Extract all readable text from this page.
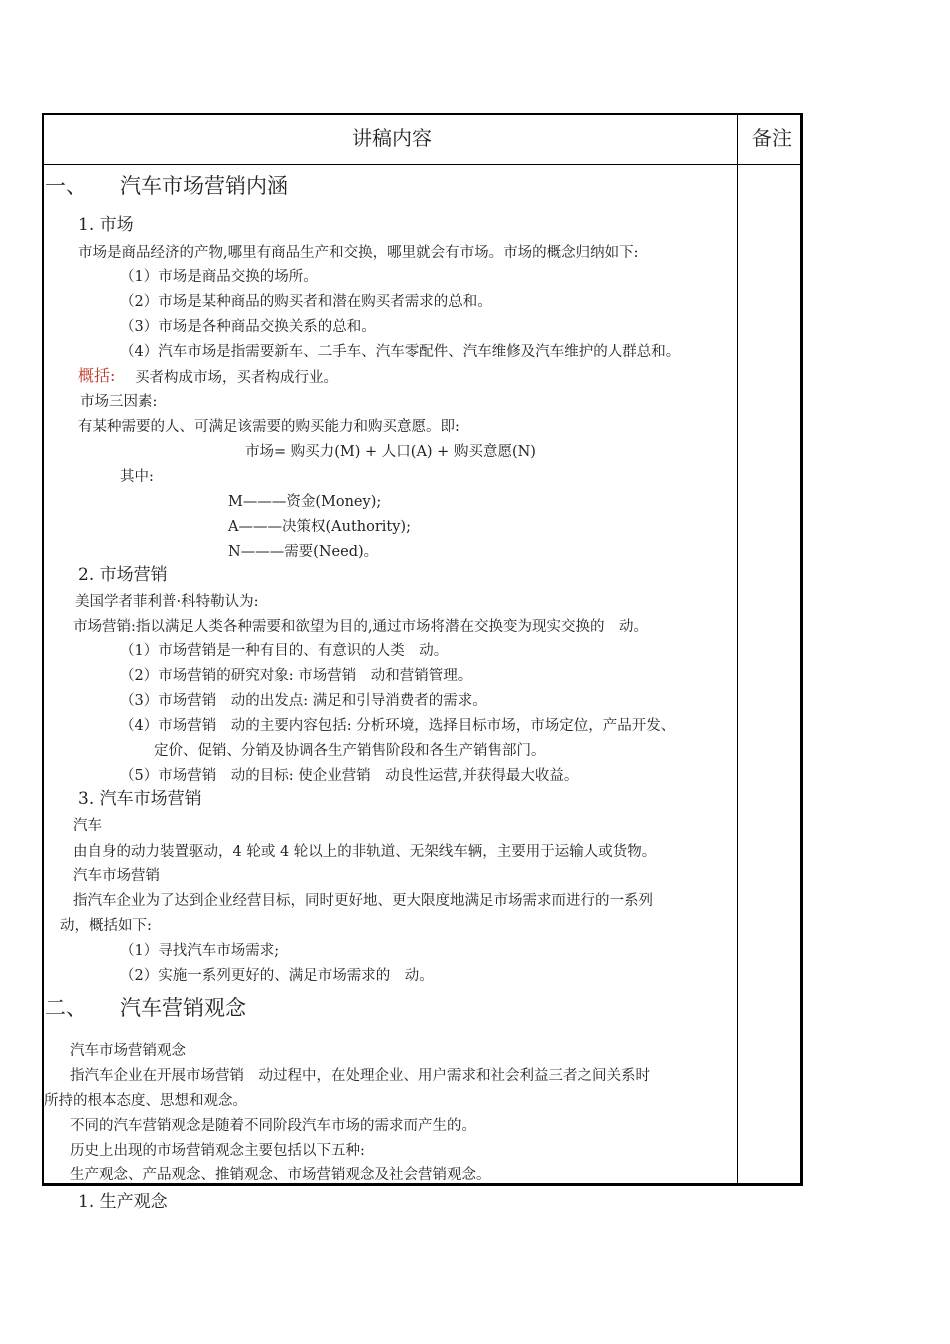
讲稿内容	备注
一、 汽车市场营销内涵
1. 市场
市场是商品经济的产物,哪里有商品生产和交换，哪里就会有市场。市场的概念归纳如下:
（1）市场是商品交换的场所。
（2）市场是某种商品的购买者和潜在购买者需求的总和。
（3）市场是各种商品交换关系的总和。
（4）汽车市场是指需要新车、二手车、汽车零配件、汽车维修及汽车维护的人群总和。
概括: 买者构成市场，买者构成行业。
市场三因素:
有某种需要的人、可满足该需要的购买能力和购买意愿。即:
市场= 购买力(M) + 人口(A) + 购买意愿(N)
其中:
M———资金(Money);
A———决策权(Authority);
N———需要(Need)。
2. 市场营销
美国学者菲利普·科特勒认为:
市场营销:指以满足人类各种需要和欲望为目的,通过市场将潜在交换变为现实交换的　动。
（1）市场营销是一种有目的、有意识的人类　动。
（2）市场营销的研究对象: 市场营销　动和营销管理。
（3）市场营销　动的出发点: 满足和引导消费者的需求。
（4）市场营销　动的主要内容包括: 分析环境，选择目标市场，市场定位，产品开发、
定价、促销、分销及协调各生产销售阶段和各生产销售部门。
（5）市场营销　动的目标: 使企业营销　动良性运营,并获得最大收益。
3. 汽车市场营销
汽车
由自身的动力装置驱动，4 轮或 4 轮以上的非轨道、无架线车辆，主要用于运输人或货物。
汽车市场营销
指汽车企业为了达到企业经营目标，同时更好地、更大限度地满足市场需求而进行的一系列
动，概括如下:
（1）寻找汽车市场需求;
（2）实施一系列更好的、满足市场需求的　动。
二、 汽车营销观念
汽车市场营销观念
指汽车企业在开展市场营销　动过程中，在处理企业、用户需求和社会利益三者之间关系时
所持的根本态度、思想和观念。
不同的汽车营销观念是随着不同阶段汽车市场的需求而产生的。
历史上出现的市场营销观念主要包括以下五种:
生产观念、产品观念、推销观念、市场营销观念及社会营销观念。
1. 生产观念
